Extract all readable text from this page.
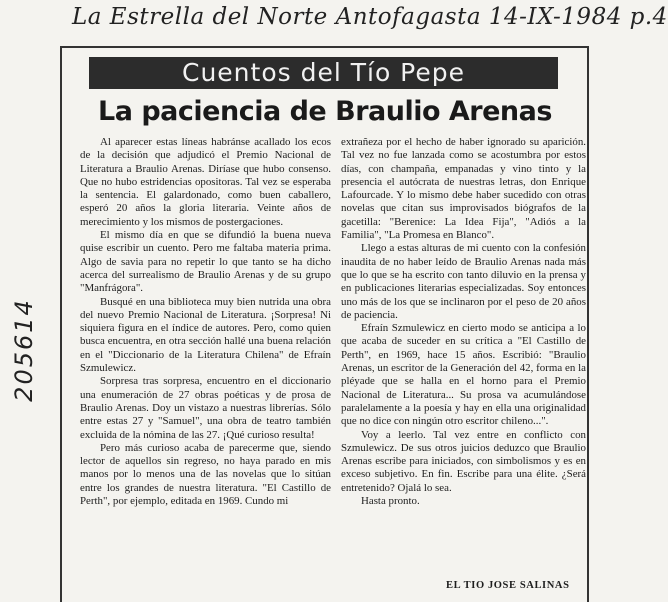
La Estrella del Norte Antofagasta 14-IX-1984 p.4
205614
Cuentos del Tío Pepe
La paciencia de Braulio Arenas

Al aparecer estas líneas habránse acallado los ecos de la decisión que adjudicó el Premio Nacional de Literatura a Braulio Arenas. Diríase que hubo consenso. Que no hubo estridencias opositoras. Tal vez se esperaba la sentencia. El galardonado, como buen caballero, esperó 20 años la gloria literaria. Veinte años de merecimiento y los mismos de postergaciones.

El mismo día en que se difundió la buena nueva quise escribir un cuento. Pero me faltaba materia prima. Algo de savia para no repetir lo que tanto se ha dicho acerca del surrealismo de Braulio Arenas y de su grupo "Manfrágora".

Busqué en una biblioteca muy bien nutrida una obra del nuevo Premio Nacional de Literatura. ¡Sorpresa! Ni siquiera figura en el índice de autores. Pero, como quien busca encuentra, en otra sección hallé una buena relación en el "Diccionario de la Literatura Chilena" de Efraín Szmulewicz.

Sorpresa tras sorpresa, encuentro en el diccionario una enumeración de 27 obras poéticas y de prosa de Braulio Arenas. Doy un vistazo a nuestras librerías. Sólo entre estas 27 y "Samuel", una obra de teatro también excluida de la nómina de las 27. ¡Qué curioso resulta!

Pero más curioso acaba de parecerme que, siendo lector de aquellos sin regreso, no haya parado en mis manos por lo menos una de las novelas que lo sitúan entre los grandes de nuestra literatura. "El Castillo de Perth", por ejemplo, editada en 1969. Cundo mi

extrañeza por el hecho de haber ignorado su aparición. Tal vez no fue lanzada como se acostumbra por estos días, con champaña, empanadas y vino tinto y la presencia el autócrata de nuestras letras, don Enrique Lafourcade. Y lo mismo debe haber sucedido con otras novelas que citan sus improvisados biógrafos de la gacetilla: "Berenice: La Idea Fija", "Adiós a la Familia", "La Promesa en Blanco".

Llego a estas alturas de mi cuento con la confesión inaudita de no haber leído de Braulio Arenas nada más que lo que se ha escrito con tanto diluvio en la prensa y en publicaciones literarias especializadas. Soy entonces uno más de los que se inclinaron por el peso de 20 años de paciencia.

Efraín Szmulewicz en cierto modo se anticipa a lo que acaba de suceder en su crítica a "El Castillo de Perth", en 1969, hace 15 años. Escribió: "Braulio Arenas, un escritor de la Generación del 42, forma en la pléyade que se halla en el horno para el Premio Nacional de Literatura... Su prosa va acumulándose paralelamente a la poesía y hay en ella una originalidad que no dice con ningún otro escritor chileno...".

Voy a leerlo. Tal vez entre en conflicto con Szmulewicz. De sus otros juicios deduzco que Braulio Arenas escribe para iniciados, con simbolismos y es en exceso subjetivo. En fin. Escribe para una élite. ¿Será entretenido? Ojalá lo sea.

Hasta pronto.

EL TIO JOSE SALINAS
